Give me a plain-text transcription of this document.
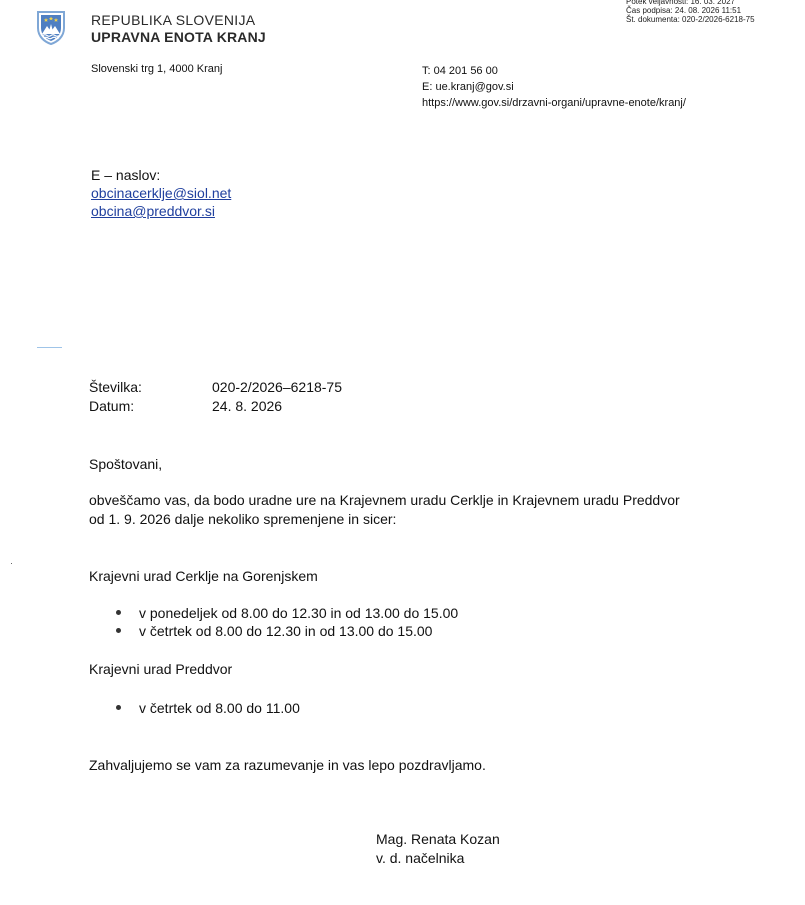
Potek veljavnosti: 16. 03. 2027
Čas podpisa: 24. 08. 2026 11:51
Št. dokumenta: 020-2/2026-6218-75
REPUBLIKA SLOVENIJA
UPRAVNA ENOTA KRANJ
Slovenski trg 1, 4000 Kranj	T: 04 201 56 00
E: ue.kranj@gov.si
https://www.gov.si/drzavni-organi/upravne-enote/kranj/
E – naslov:
obcinacerklje@siol.net
obcina@preddvor.si
Številka:	020-2/2026–6218-75
Datum:	24. 8. 2026
Spoštovani,
obveščamo vas, da bodo uradne ure na Krajevnem uradu Cerklje in Krajevnem uradu Preddvor
od 1. 9. 2026 dalje nekoliko spremenjene in sicer:
Krajevni urad Cerklje na Gorenjskem
v ponedeljek od 8.00 do 12.30 in od 13.00 do 15.00
v četrtek od 8.00 do 12.30 in od 13.00 do 15.00
Krajevni urad Preddvor
v četrtek od 8.00 do 11.00
Zahvaljujemo se vam za razumevanje in vas lepo pozdravljamo.
Mag. Renata Kozan
v. d. načelnika
